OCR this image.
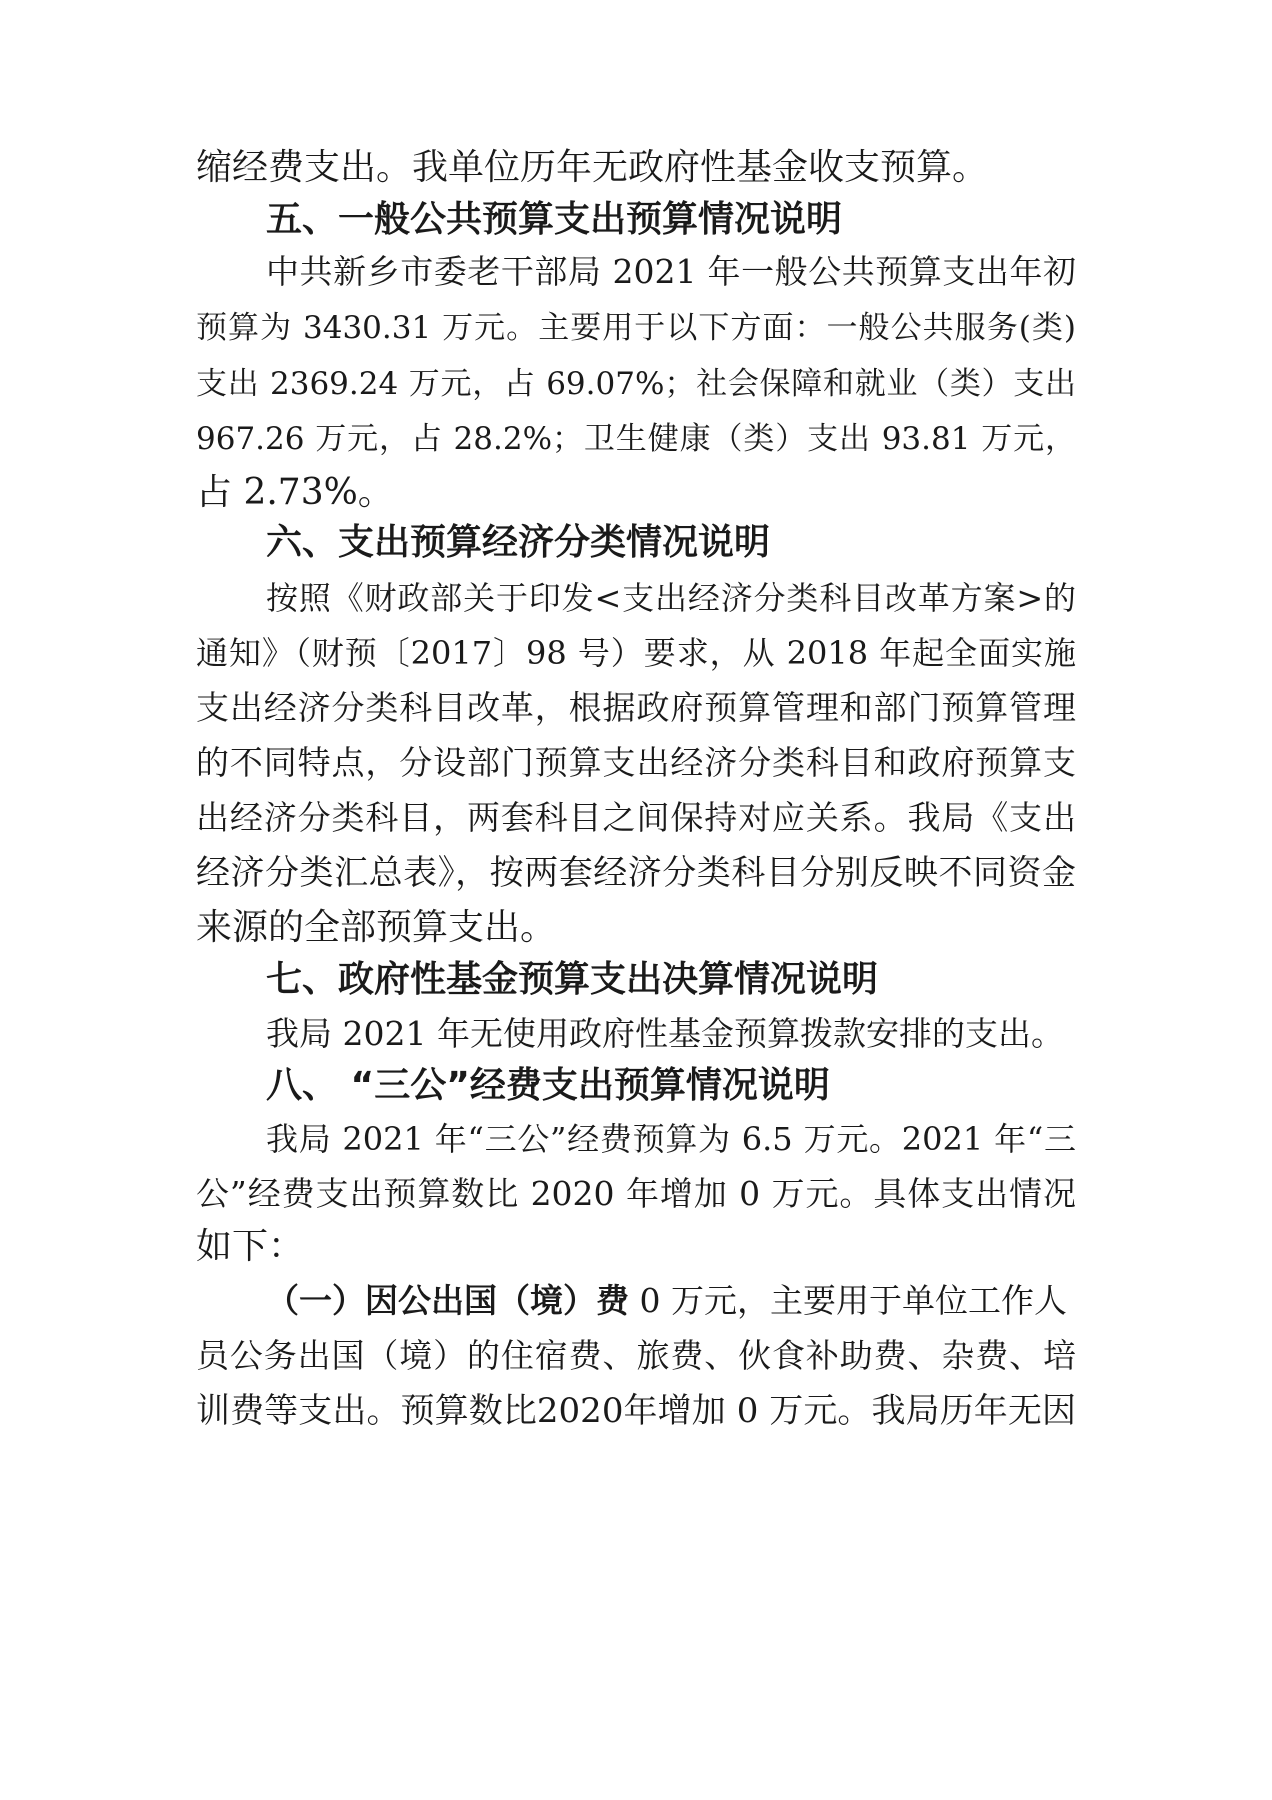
缩经费支出。我单位历年无政府性基金收支预算。
五、一般公共预算支出预算情况说明
中共新乡市委老干部局 2021 年一般公共预算支出年初
预算为 3430.31 万元。主要用于以下方面：一般公共服务(类)
支出 2369.24 万元，占 69.07%；社会保障和就业（类）支出
967.26 万元，占 28.2%；卫生健康（类）支出 93.81 万元，
占 2.73%。
六、支出预算经济分类情况说明
按照《财政部关于印发<支出经济分类科目改革方案>的
通知》（财预〔2017〕98 号）要求，从 2018 年起全面实施
支出经济分类科目改革，根据政府预算管理和部门预算管理
的不同特点，分设部门预算支出经济分类科目和政府预算支
出经济分类科目，两套科目之间保持对应关系。我局《支出
经济分类汇总表》，按两套经济分类科目分别反映不同资金
来源的全部预算支出。
七、政府性基金预算支出决算情况说明
我局 2021 年无使用政府性基金预算拨款安排的支出。
八、 “三公”经费支出预算情况说明
我局 2021 年“三公”经费预算为 6.5 万元。2021 年“三
公”经费支出预算数比 2020 年增加 0 万元。具体支出情况
如下：
（一）因公出国（境）费 0 万元，主要用于单位工作人
员公务出国（境）的住宿费、旅费、伙食补助费、杂费、培
训费等支出。预算数比2020年增加 0 万元。我局历年无因
